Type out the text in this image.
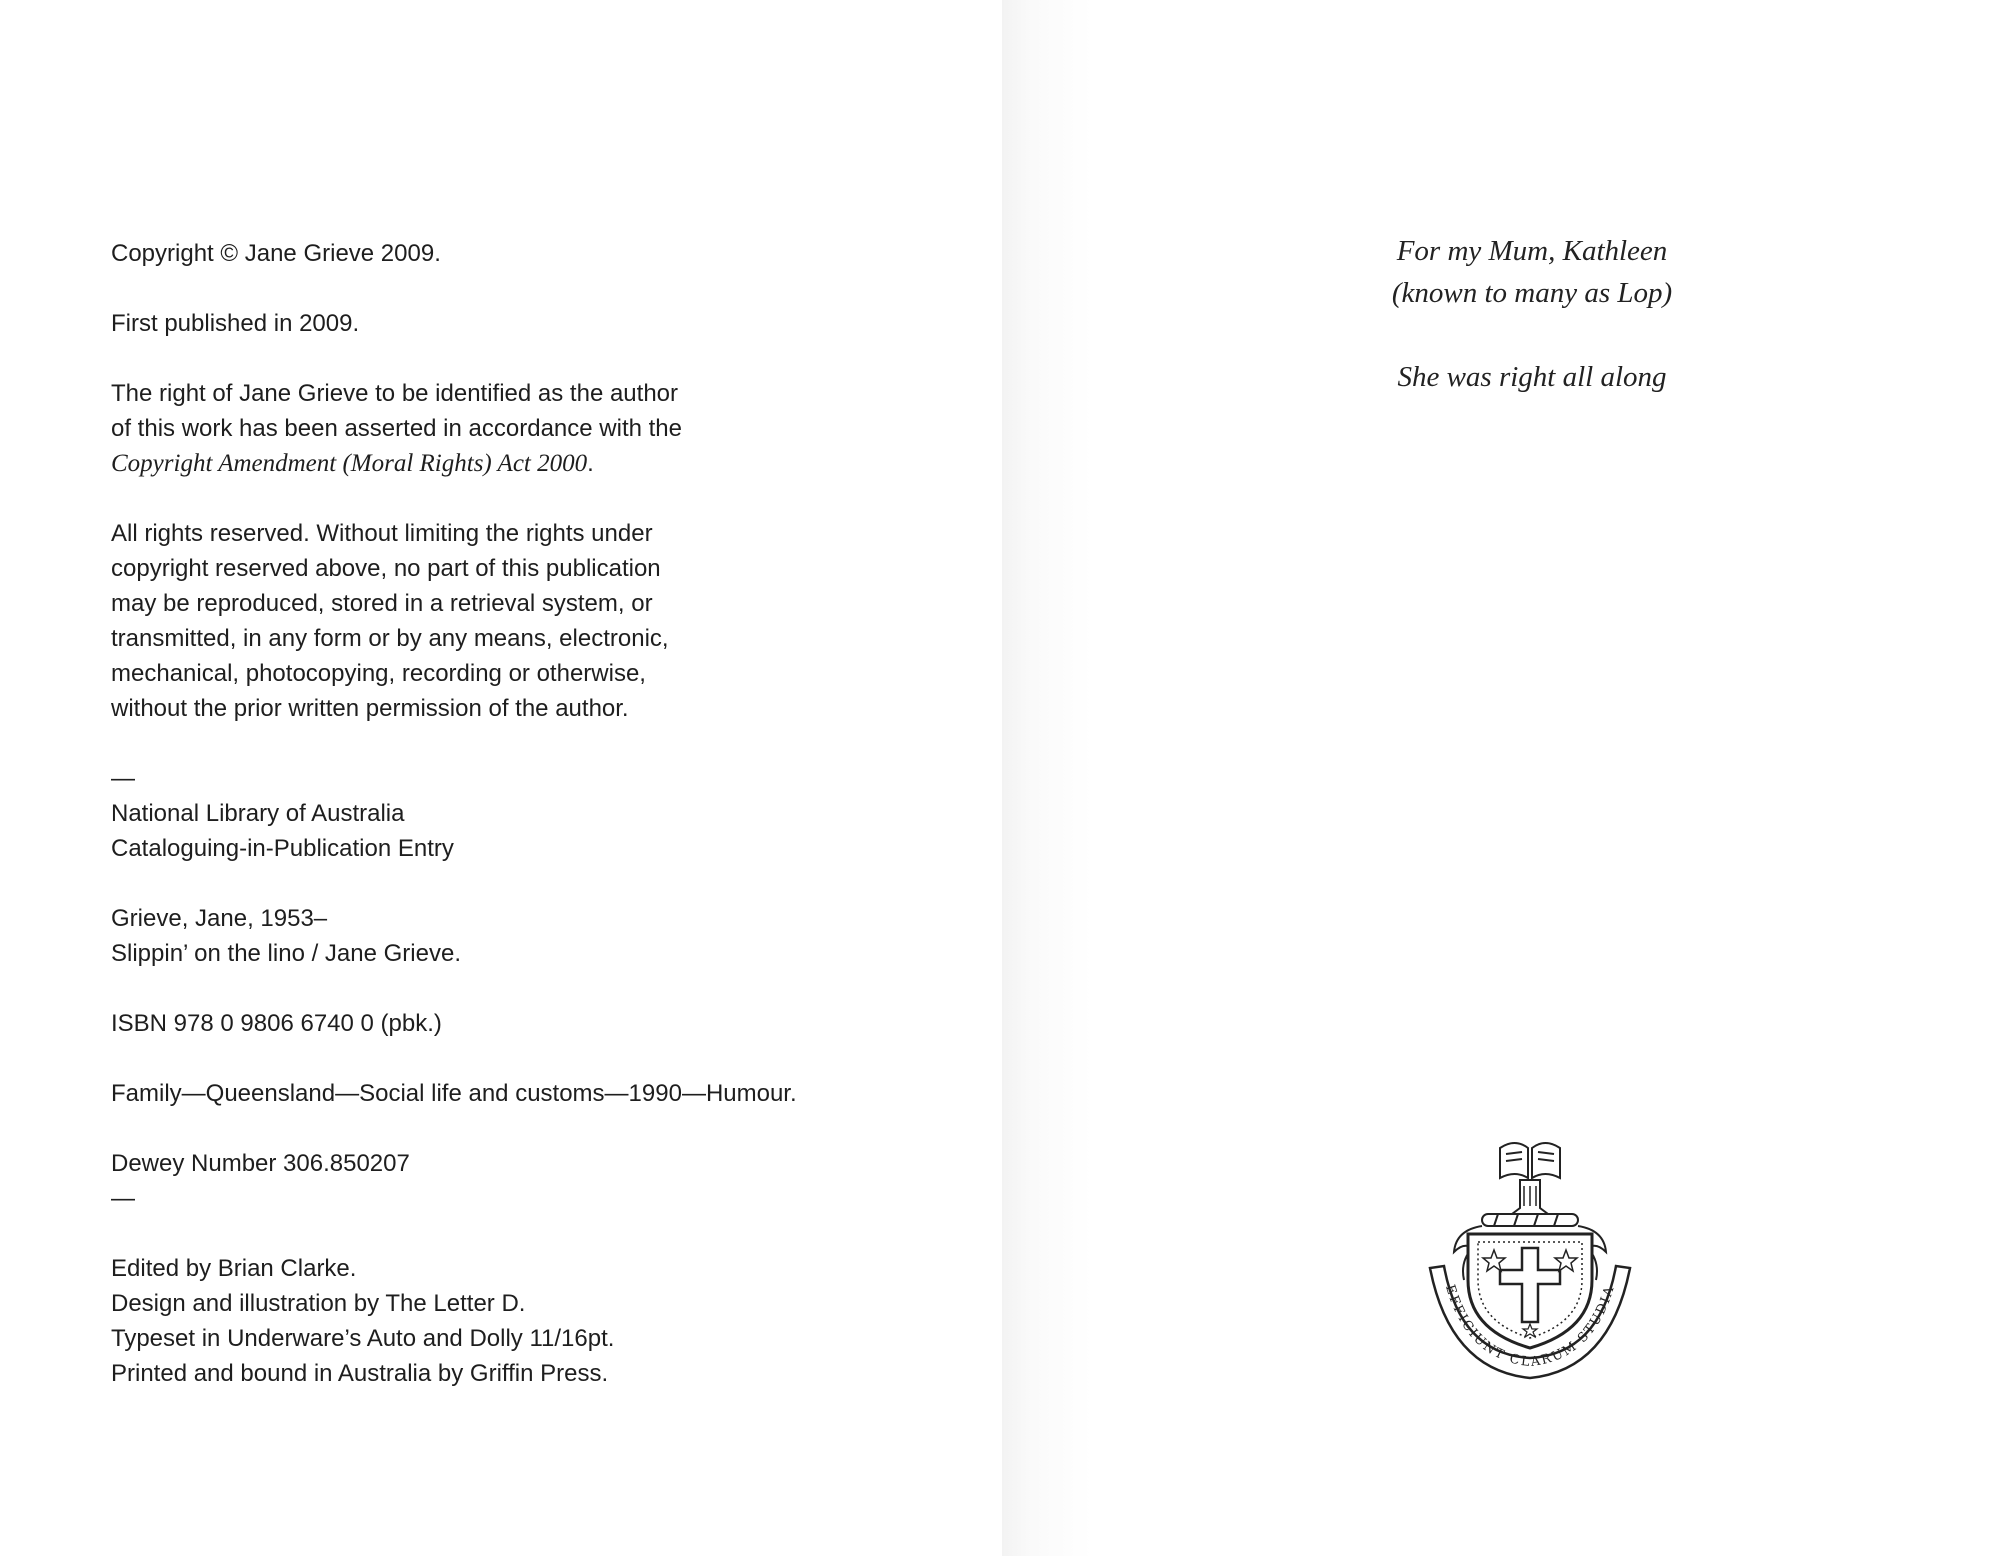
Copyright © Jane Grieve 2009.
First published in 2009.
The right of Jane Grieve to be identified as the author
of this work has been asserted in accordance with the
Copyright Amendment (Moral Rights) Act 2000.
All rights reserved. Without limiting the rights under
copyright reserved above, no part of this publication
may be reproduced, stored in a retrieval system, or
transmitted, in any form or by any means, electronic,
mechanical, photocopying, recording or otherwise,
without the prior written permission of the author.
—
National Library of Australia
Cataloguing-in-Publication Entry
Grieve, Jane, 1953–
Slippin’ on the lino / Jane Grieve.
ISBN 978 0 9806 6740 0 (pbk.)
Family—Queensland—Social life and customs—1990—Humour.
Dewey Number 306.850207
—
Edited by Brian Clarke.
Design and illustration by The Letter D.
Typeset in Underware’s Auto and Dolly 11/16pt.
Printed and bound in Australia by Griffin Press.
For my Mum, Kathleen
(known to many as Lop)
She was right all along
EFFICIUNT CLARUM STUDIA
